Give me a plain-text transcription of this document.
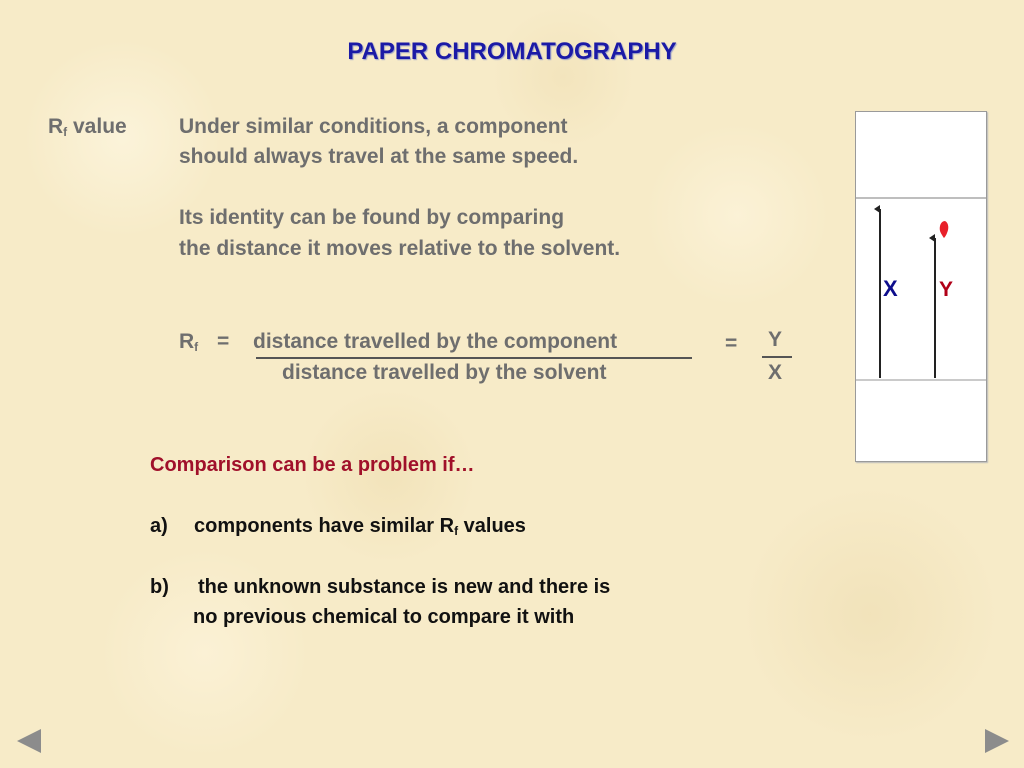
PAPER CHROMATOGRAPHY
$R_f$ value Under similar conditions, a component
should always travel at the same speed.
Its identity can be found by comparing
the distance it moves relative to the solvent.
$R_f$ = distance travelled by the component
distance travelled by the solvent
= Y
X
Comparison can be a problem if…
a) components have similar $R_f$ values
b) the unknown substance is new and there is
no previous chemical to compare it with
X Y
